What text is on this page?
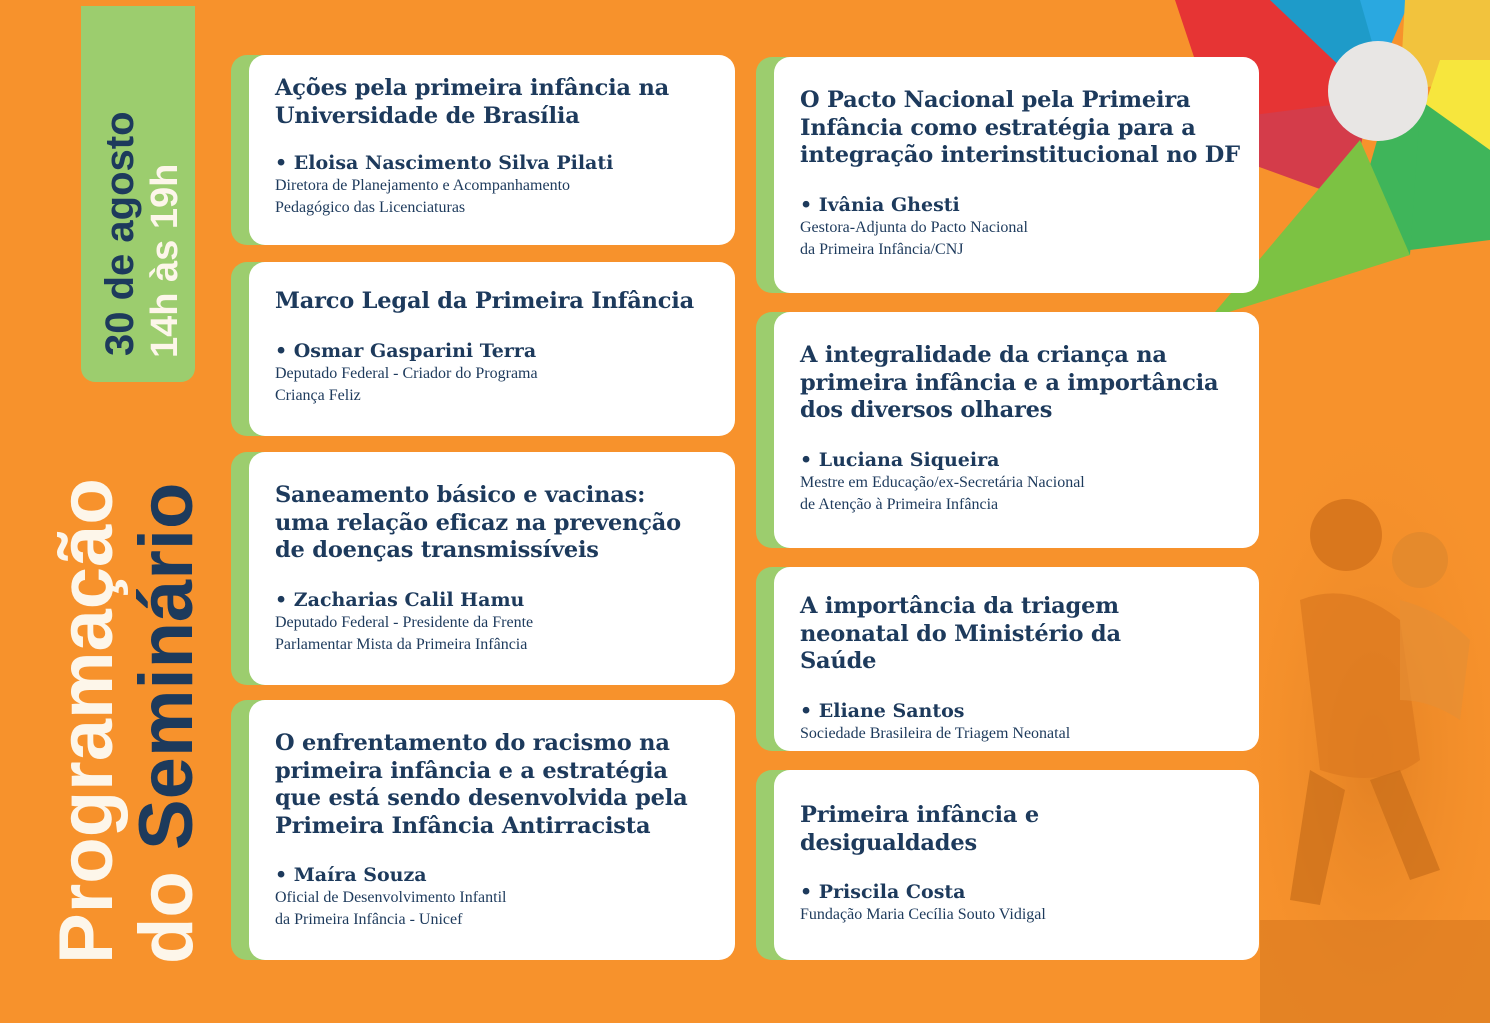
30 de agosto 14h às 19h
Programação
do Seminário
Ações pela primeira infância na Universidade de Brasília

• Eloisa Nascimento Silva Pilati

Diretora de Planejamento e Acompanhamento
Pedagógico das Licenciaturas

Marco Legal da Primeira Infância

• Osmar Gasparini Terra

Deputado Federal - Criador do Programa
Criança Feliz

Saneamento básico e vacinas: uma relação eficaz na prevenção de doenças transmissíveis

• Zacharias Calil Hamu

Deputado Federal - Presidente da Frente
Parlamentar Mista da Primeira Infância

O enfrentamento do racismo na primeira infância e a estratégia que está sendo desenvolvida pela Primeira Infância Antirracista

• Maíra Souza

Oficial de Desenvolvimento Infantil
da Primeira Infância - Unicef

O Pacto Nacional pela Primeira Infância como estratégia para a integração interinstitucional no DF

• Ivânia Ghesti

Gestora-Adjunta do Pacto Nacional
da Primeira Infância/CNJ

A integralidade da criança na primeira infância e a importância dos diversos olhares

• Luciana Siqueira

Mestre em Educação/ex-Secretária Nacional
de Atenção à Primeira Infância

A importância da triagem neonatal do Ministério da Saúde

• Eliane Santos

Sociedade Brasileira de Triagem Neonatal

Primeira infância e desigualdades

• Priscila Costa

Fundação Maria Cecília Souto Vidigal
